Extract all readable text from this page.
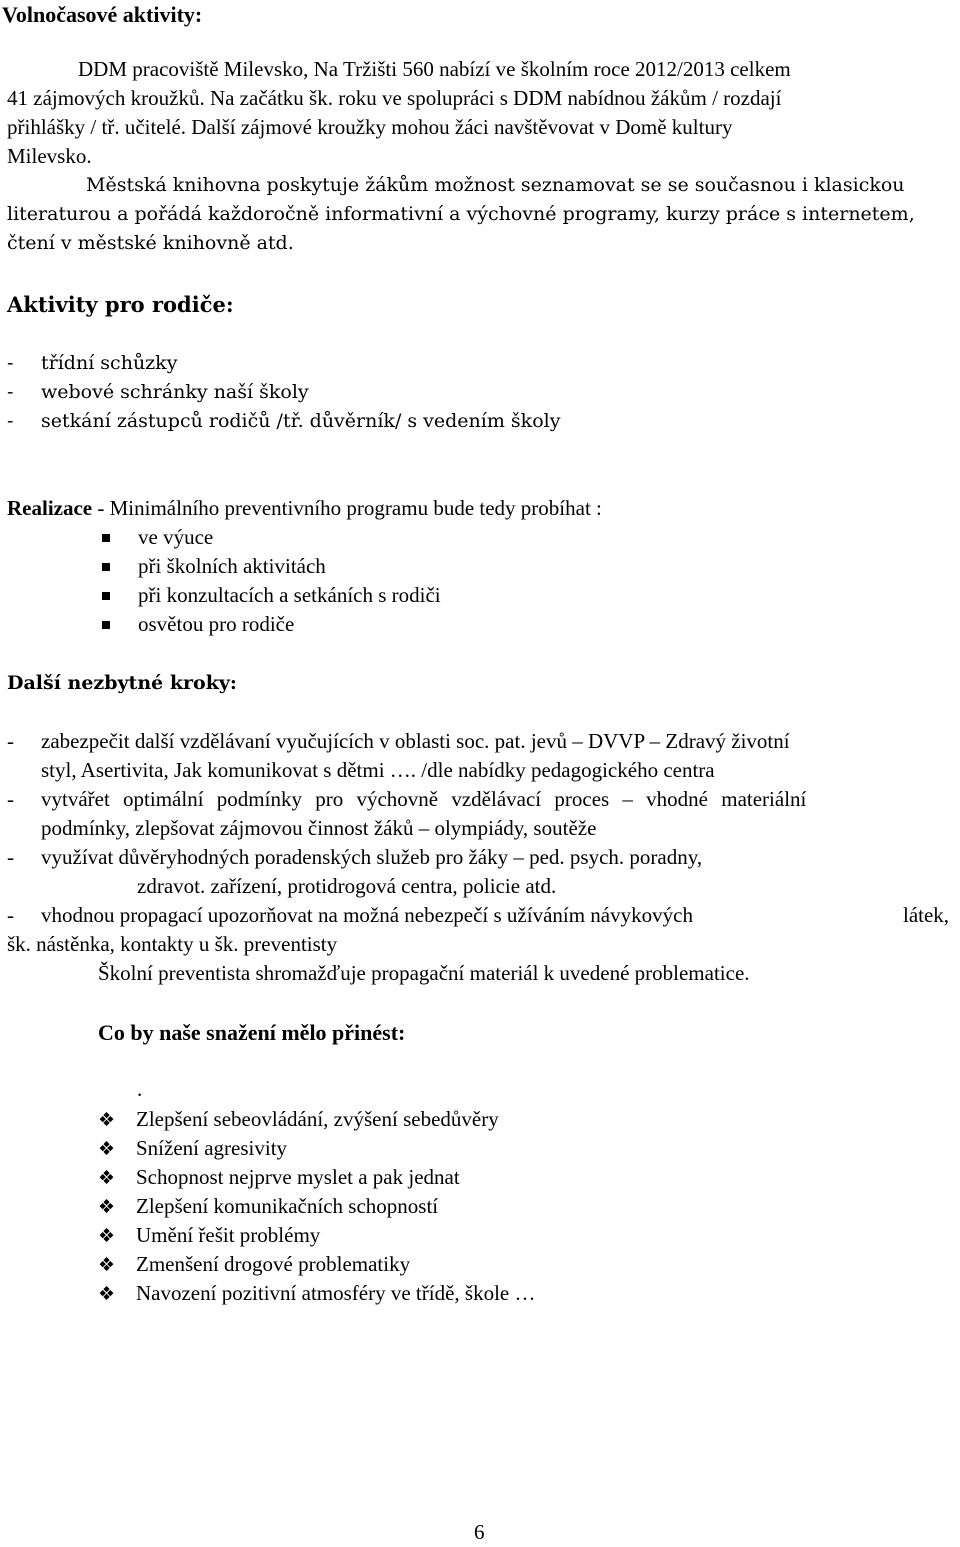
Volnočasové aktivity:
DDM pracoviště Milevsko, Na Tržišti 560 nabízí ve školním roce 2012/2013 celkem
41 zájmových kroužků. Na začátku šk. roku ve spolupráci s DDM nabídnou žákům / rozdají
přihlášky / tř. učitelé. Další zájmové kroužky mohou žáci navštěvovat v Domě kultury
Milevsko.
Městská knihovna poskytuje žákům možnost seznamovat se se současnou i klasickou
literaturou a pořádá každoročně informativní a výchovné programy, kurzy práce s internetem,
čtení v městské knihovně atd.
Aktivity pro rodiče:
- třídní schůzky
- webové schránky naší školy
- setkání zástupců rodičů /tř. důvěrník/ s vedením školy
Realizace - Minimálního preventivního programu bude tedy probíhat :
ve výuce
při školních aktivitách
při konzultacích a setkáních s rodiči
osvětou pro rodiče
Další nezbytné kroky:
- zabezpečit další vzdělávaní vyučujících v oblasti soc. pat. jevů – DVVP – Zdravý životní
styl, Asertivita, Jak komunikovat s dětmi …. /dle nabídky pedagogického centra
- vytvářet optimální podmínky pro výchovně vzdělávací proces – vhodné materiální
podmínky, zlepšovat zájmovou činnost žáků – olympiády, soutěže
- využívat důvěryhodných poradenských služeb pro žáky – ped. psych. poradny,
zdravot. zařízení, protidrogová centra, policie atd.
- vhodnou propagací upozorňovat na možná nebezpečí s užíváním návykových	látek,
šk. nástěnka, kontakty u šk. preventisty
Školní preventista shromažďuje propagační materiál k uvedené problematice.
Co by naše snažení mělo přinést:
.
❖ Zlepšení sebeovládání, zvýšení sebedůvěry
❖ Snížení agresivity
❖ Schopnost nejprve myslet a pak jednat
❖ Zlepšení komunikačních schopností
❖ Umění řešit problémy
❖ Zmenšení drogové problematiky
❖ Navození pozitivní atmosféry ve třídě, škole …
6
